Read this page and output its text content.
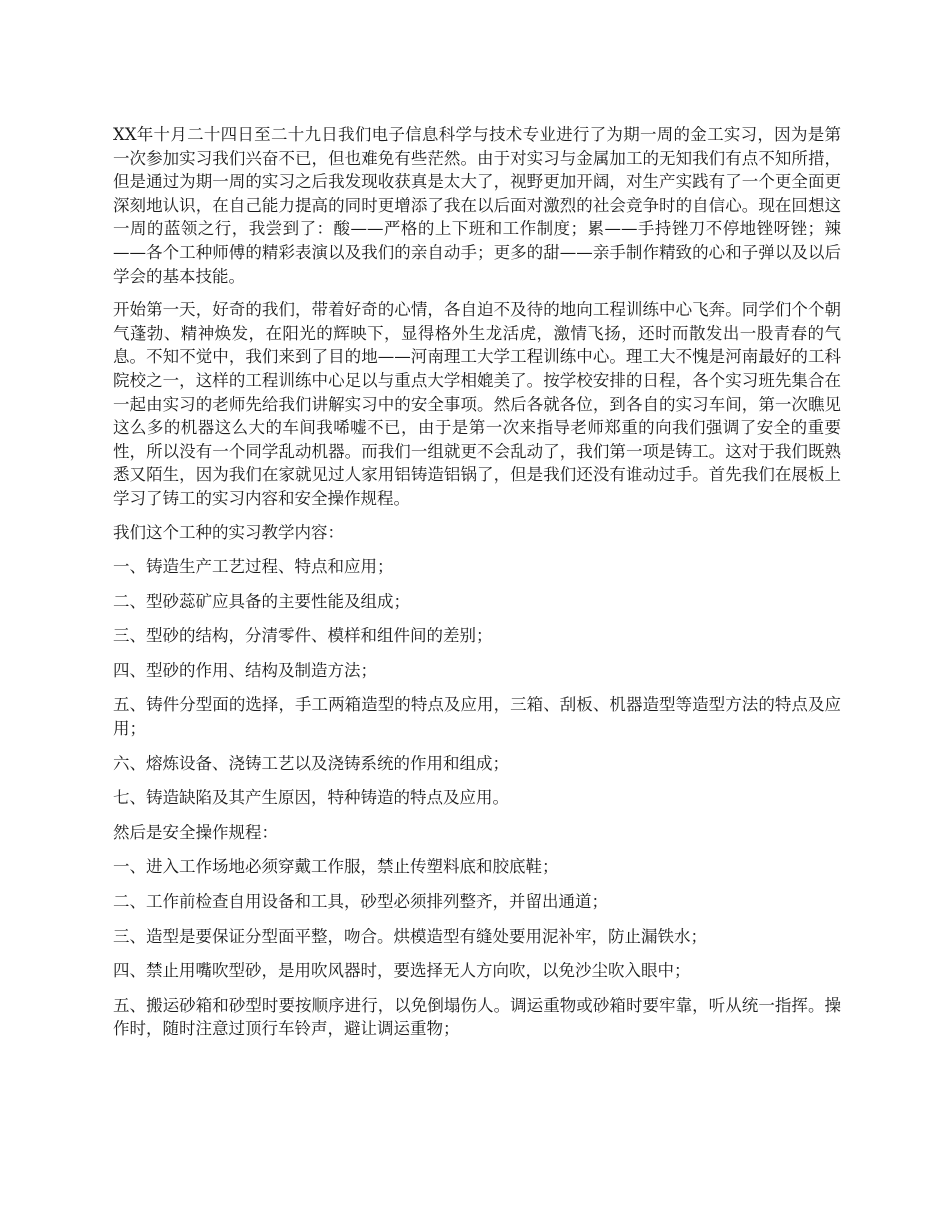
XX年十月二十四日至二十九日我们电子信息科学与技术专业进行了为期一周的金工实习，因为是第一次参加实习我们兴奋不已，但也难免有些茫然。由于对实习与金属加工的无知我们有点不知所措，但是通过为期一周的实习之后我发现收获真是太大了，视野更加开阔，对生产实践有了一个更全面更深刻地认识，在自己能力提高的同时更增添了我在以后面对激烈的社会竞争时的自信心。现在回想这一周的蓝领之行，我尝到了：酸——严格的上下班和工作制度；累——手持锉刀不停地锉呀锉；辣——各个工种师傅的精彩表演以及我们的亲自动手；更多的甜——亲手制作精致的心和子弹以及以后学会的基本技能。

开始第一天，好奇的我们，带着好奇的心情，各自迫不及待的地向工程训练中心飞奔。同学们个个朝气蓬勃、精神焕发，在阳光的辉映下，显得格外生龙活虎，激情飞扬，还时而散发出一股青春的气息。不知不觉中，我们来到了目的地——河南理工大学工程训练中心。理工大不愧是河南最好的工科院校之一，这样的工程训练中心足以与重点大学相媲美了。按学校安排的日程，各个实习班先集合在一起由实习的老师先给我们讲解实习中的安全事项。然后各就各位，到各自的实习车间，第一次瞧见这么多的机器这么大的车间我唏嘘不已，由于是第一次来指导老师郑重的向我们强调了安全的重要性，所以没有一个同学乱动机器。而我们一组就更不会乱动了，我们第一项是铸工。这对于我们既熟悉又陌生，因为我们在家就见过人家用铝铸造铝锅了，但是我们还没有谁动过手。首先我们在展板上学习了铸工的实习内容和安全操作规程。

我们这个工种的实习教学内容：

一、铸造生产工艺过程、特点和应用；

二、型砂蕊矿应具备的主要性能及组成；

三、型砂的结构，分清零件、模样和组件间的差别；

四、型砂的作用、结构及制造方法；

五、铸件分型面的选择，手工两箱造型的特点及应用，三箱、刮板、机器造型等造型方法的特点及应用；

六、熔炼设备、浇铸工艺以及浇铸系统的作用和组成；

七、铸造缺陷及其产生原因，特种铸造的特点及应用。

然后是安全操作规程：

一、进入工作场地必须穿戴工作服，禁止传塑料底和胶底鞋；

二、工作前检查自用设备和工具，砂型必须排列整齐，并留出通道；

三、造型是要保证分型面平整，吻合。烘模造型有缝处要用泥补牢，防止漏铁水；

四、禁止用嘴吹型砂，是用吹风器时，要选择无人方向吹，以免沙尘吹入眼中；

五、搬运砂箱和砂型时要按顺序进行，以免倒塌伤人。调运重物或砂箱时要牢靠，听从统一指挥。操作时，随时注意过顶行车铃声，避让调运重物；
